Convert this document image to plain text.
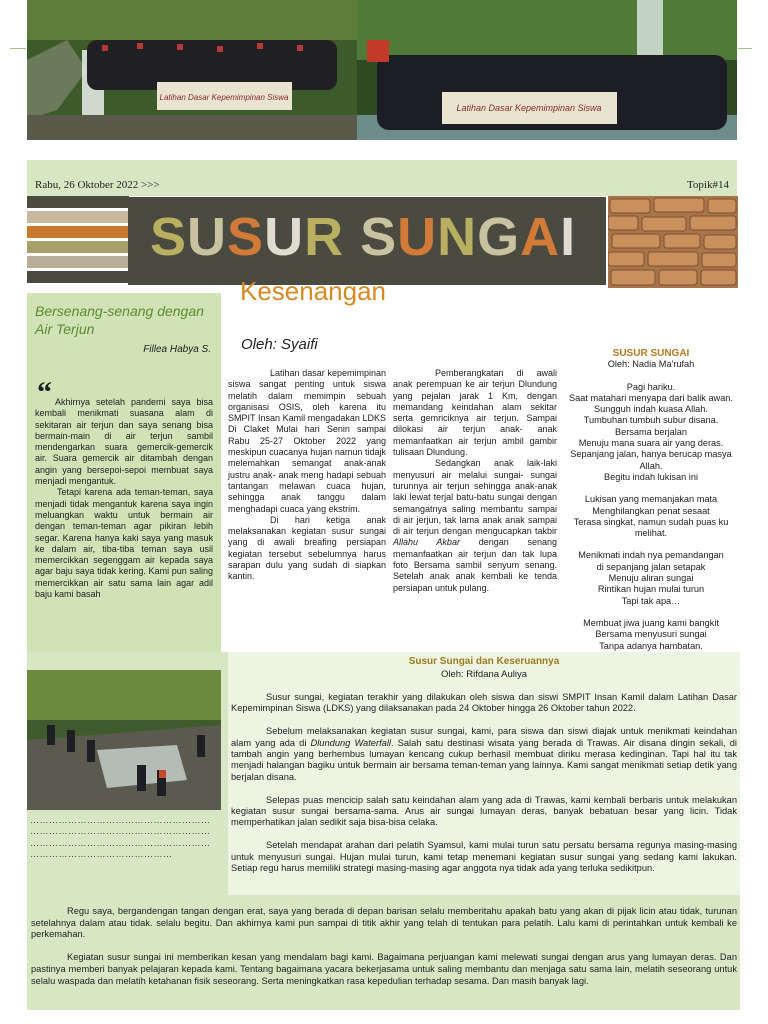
Latihan Dasar Kepemimpinan Siswa
Latihan Dasar Kepemimpinan Siswa
Rabu, 26 Oktober 2022 >>>	Topik#14
SUSUR SUNGAI
Kesenangan
Bersenang-senang dengan Air Terjun
Fillea Habya S.
“ Akhirnya setelah pandemi saya bisa kembali menikmati suasana alam di sekitaran air terjun dan saya senang bisa bermain-main di air terjun sambil mendengarkan suara gemercik-gemercik air. Suara gemercik air ditambah dengan angin yang bersepoi-sepoi membuat saya menjadi mengantuk.

Tetapi karena ada teman-teman, saya menjadi tidak mengantuk karena saya ingin meluangkan waktu untuk bermain air dengan teman-teman agar pikiran lebih segar. Karena hanya kaki saya yang masuk ke dalam air, tiba-tiba teman saya usil memercikkan segenggam air kepada saya agar baju saya tidak kering. Kami pun saling memercikkan air satu sama lain agar adil baju kami basah

Oleh: Syaifi

Latihan dasar kepemimpinan siswa sangat penting untuk siswa melatih dalam memimpin sebuah organisasi OSIS, oleh karena itu SMPIT Insan Kamil mengadakan LDKS Di Claket Mulai hari Senin sampai Rabu 25-27 Oktober 2022 yang meskipun cuacanya hujan namun tidajk melemahkan semangat anak-anak justru anak- anak meng hadapi sebuah tantangan melawan cuaca hujan, sehingga anak tanggu dalam menghadapi cuaca yang ekstrim.

Di hari ketiga anak melaksanakan kegiatan susur sungai yang di awali breafing persiapan kegiatan tersebut sebelumnya harus sarapan dulu yang sudah di siapkan kantin.

Pemberangkatan di awali anak perempuan ke air terjun Dlundung yang pejalan jarak 1 Km, dengan memandang keindahan alam sekitar serta gemriciknya air terjun. Sampai dilokasi air terjun anak- anak memanfaatkan air terjun ambil gambir tulisaan Dlundung.

Sedangkan anak laik-laki menyusuri air melalui sungai- sungai turunnya air terjun sehingga anak-anak laki lewat terjal batu-batu sungai dengan semangatnya saling membantu sampai di air jerjun, tak lama anak anak sampai di air terjun dengan mengucapkan takbir Allahu Akbar dengan senang memanfaatkan air terjun dan tak lupa foto Bersama sambil senyum senang. Setelah anak anak kembali ke tenda persiapan untuk pulang.

SUSUR SUNGAI
Oleh: Nadia Ma'rufah
Pagi hariku.
Saat matahari menyapa dari balik awan.
Sungguh indah kuasa Allah.
Tumbuhan tumbuh subur disana.
Bersama berjalan
Menuju mana suara air yang deras.
Sepanjang jalan, hanya berucap masya Allah.
Begitu indah lukisan ini
Lukisan yang memanjakan mata
Menghilangkan penat sesaat
Terasa singkat, namun sudah puas ku melihat.
Menikmati indah nya pemandangan
di sepanjang jalan setapak
Menuju aliran sungai
Rintikan hujan mulai turun
Tapi tak apa…
Membuat jiwa juang kami bangkit
Bersama menyusuri sungai
Tanpa adanya hambatan.
Susur Sungai dan Keseruannya
Oleh: Rifdana Auliya

Susur sungai, kegiatan terakhir yang dilakukan oleh siswa dan siswi SMPIT Insan Kamil dalam Latihan Dasar Kepemimpinan Siswa (LDKS) yang dilaksanakan pada 24 Oktober hingga 26 Oktober tahun 2022.

Sebelum melaksanakan kegiatan susur sungai, kami, para siswa dan siswi diajak untuk menikmati keindahan alam yang ada di Dlundung Waterfall. Salah satu destinasi wisata yang berada di Trawas. Air disana dingin sekali, di tambah angin yang berhembus lumayan kencang cukup berhasil membuat diriku merasa kedinginan. Tapi hal itu tak menjadi halangan bagiku untuk bermain air bersama teman-teman yang lainnya. Kami sangat menikmati setiap detik yang berjalan disana.

Selepas puas mencicip salah satu keindahan alam yang ada di Trawas, kami kembali berbaris untuk melakukan kegiatan susur sungai bersama-sama. Arus air sungai lumayan deras, banyak bebatuan besar yang licin. Tidak memperhatikan jalan sedikit saja bisa-bisa celaka.

Setelah mendapat arahan dari pelatih Syamsul, kami mulai turun satu persatu bersama regunya masing-masing untuk menyusuri sungai. Hujan mulai turun, kami tetap menemani kegiatan susur sungai yang sedang kami lakukan. Setiap regu harus memiliki strategi masing-masing agar anggota nya tidak ada yang terluka sedikitpun.

…………………………………………………
…………………………………………………
…………………………………………………
………………………………………

Regu saya, bergandengan tangan dengan erat, saya yang berada di depan barisan selalu memberitahu apakah batu yang akan di pijak licin atau tidak, turunan setelahnya dalam atau tidak. selalu begitu. Dan akhirnya kami pun sampai di titik akhir yang telah di tentukan para pelatih. Lalu kami di perintahkan untuk kembali ke perkemahan.

Kegiatan susur sungai ini memberikan kesan yang mendalam bagi kami. Bagaimana perjuangan kami melewati sungai dengan arus yang lumayan deras. Dan pastinya memberi banyak pelajaran kepada kami. Tentang bagaimana yacara bekerjasama untuk saling membantu dan menjaga satu sama lain, melatih seseorang untuk selalu waspada dan melatih ketahanan fisik seseorang. Serta meningkatkan rasa kepedulian terhadap sesama. Dan masih banyak lagi.
